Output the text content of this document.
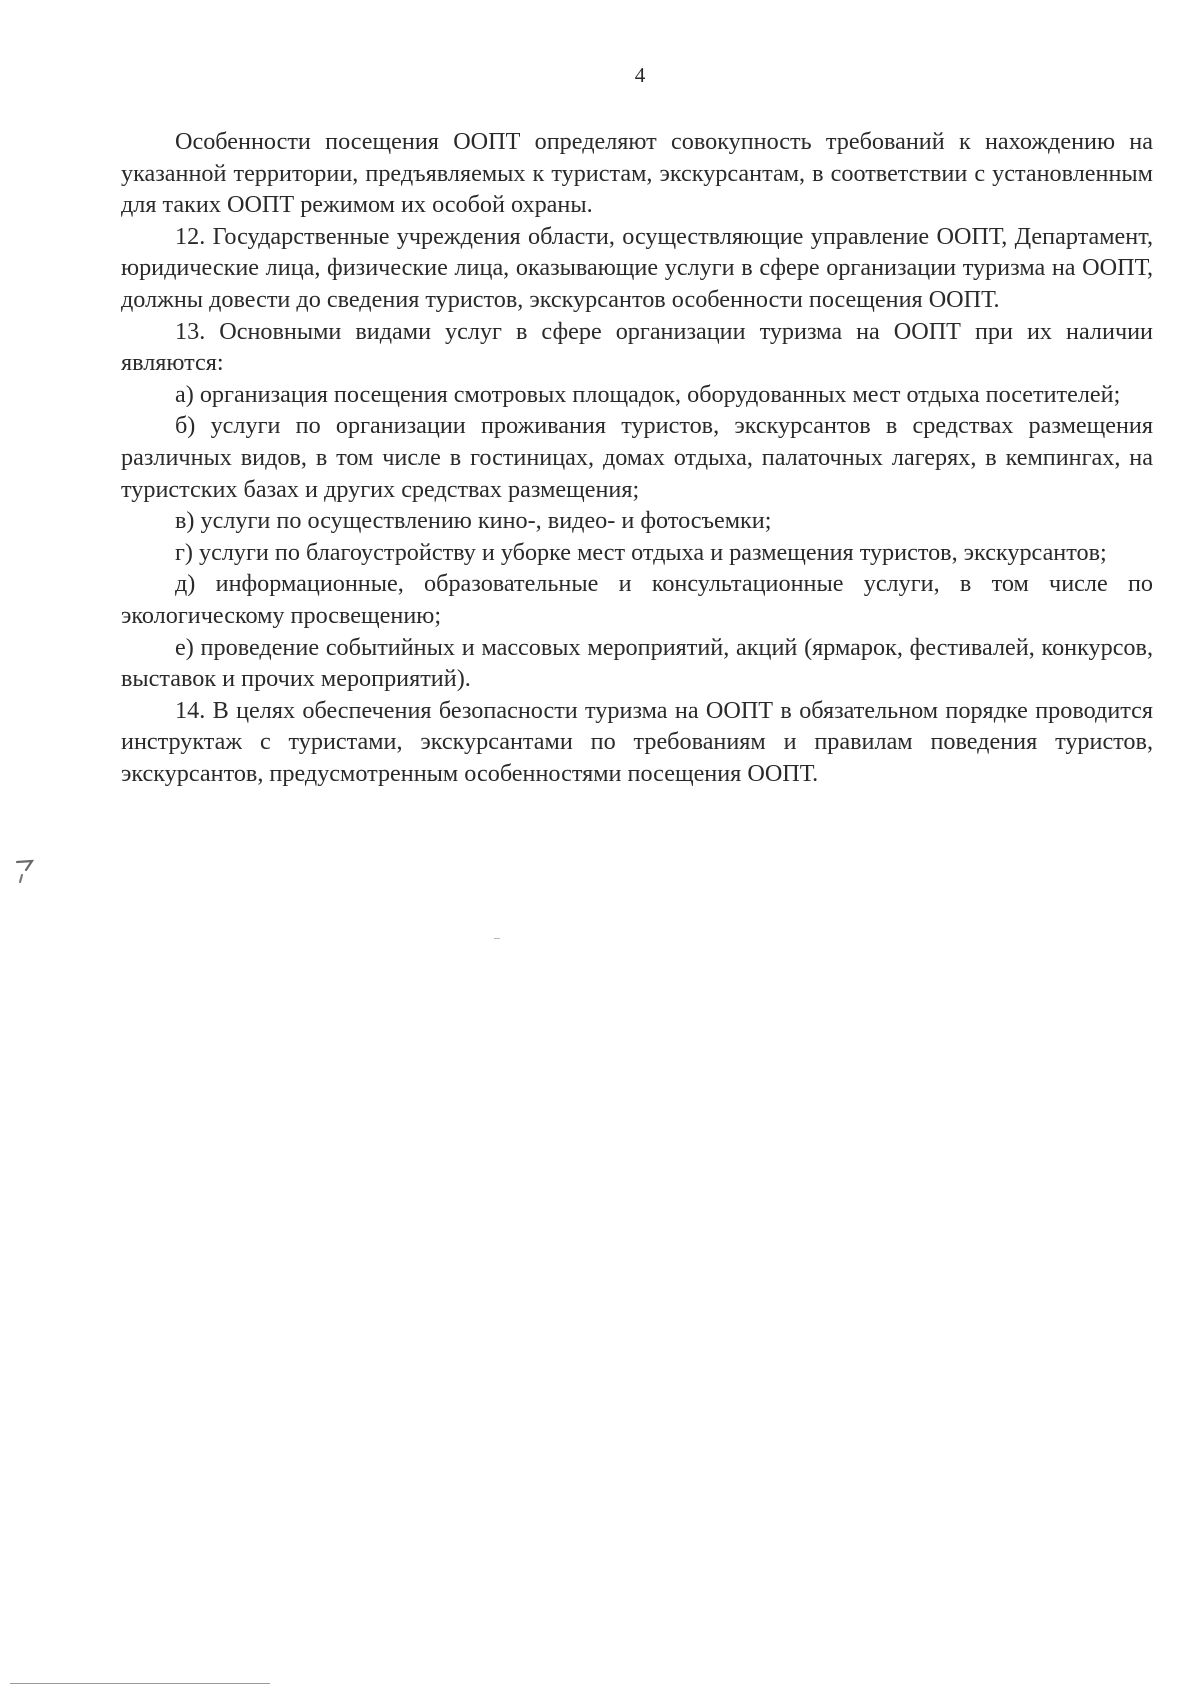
4

Особенности посещения ООПТ определяют совокупность требований к нахождению на указанной территории, предъявляемых к туристам, экскурсантам, в соответствии с установленным для таких ООПТ режимом их особой охраны.

12. Государственные учреждения области, осуществляющие управление ООПТ, Департамент, юридические лица, физические лица, оказывающие услуги в сфере организации туризма на ООПТ, должны довести до сведения туристов, экскурсантов особенности посещения ООПТ.

13. Основными видами услуг в сфере организации туризма на ООПТ при их наличии являются:

а) организация посещения смотровых площадок, оборудованных мест отдыха посетителей;

б) услуги по организации проживания туристов, экскурсантов в средствах размещения различных видов, в том числе в гостиницах, домах отдыха, палаточных лагерях, в кемпингах, на туристских базах и других средствах размещения;

в) услуги по осуществлению кино-, видео- и фотосъемки;

г) услуги по благоустройству и уборке мест отдыха и размещения туристов, экскурсантов;

д) информационные, образовательные и консультационные услуги, в том числе по экологическому просвещению;

е) проведение событийных и массовых мероприятий, акций (ярмарок, фестивалей, конкурсов, выставок и прочих мероприятий).

14. В целях обеспечения безопасности туризма на ООПТ в обязательном порядке проводится инструктаж с туристами, экскурсантами по требованиям и правилам поведения туристов, экскурсантов, предусмотренным особенностями посещения ООПТ.
